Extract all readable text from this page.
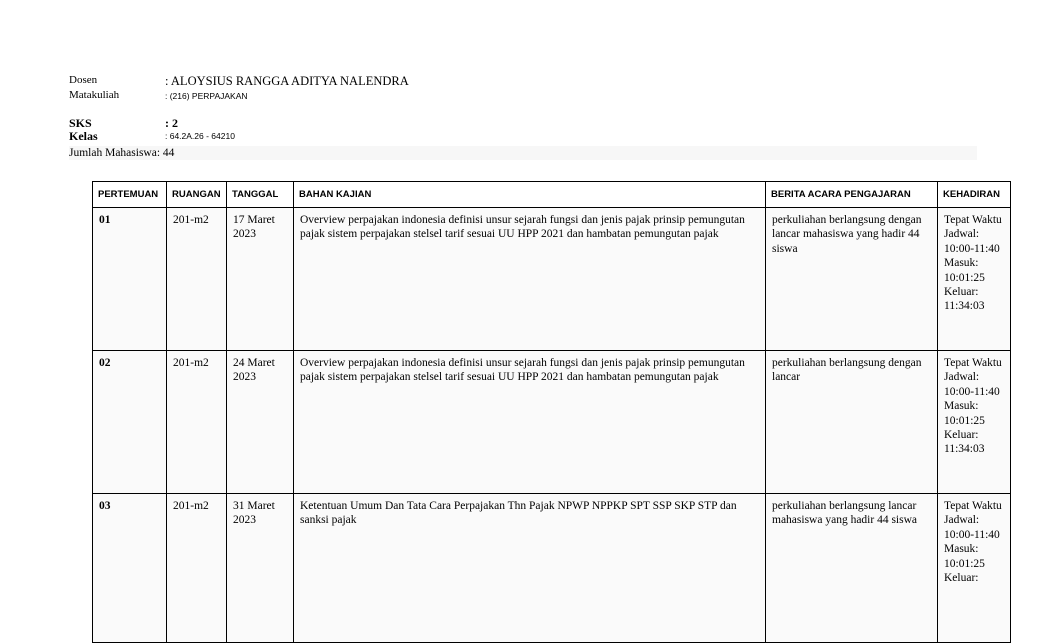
Dosen	: ALOYSIUS RANGGA ADITYA NALENDRA
Matakuliah	: (216) PERPAJAKAN
SKS	: 2
Kelas	: 64.2A.26 - 64210
Jumlah Mahasiswa: 44
PERTEMUAN	RUANGAN	TANGGAL	BAHAN KAJIAN	BERITA ACARA PENGAJARAN	KEHADIRAN
01	201-m2	17 Maret 2023	Overview perpajakan indonesia definisi unsur sejarah fungsi dan jenis pajak prinsip pemungutan pajak sistem perpajakan stelsel tarif sesuai UU HPP 2021 dan hambatan pemungutan pajak	perkuliahan berlangsung dengan lancar mahasiswa yang hadir 44 siswa	Tepat Waktu Jadwal: 10:00-11:40 Masuk: 10:01:25 Keluar: 11:34:03
02	201-m2	24 Maret 2023	Overview perpajakan indonesia definisi unsur sejarah fungsi dan jenis pajak prinsip pemungutan pajak sistem perpajakan stelsel tarif sesuai UU HPP 2021 dan hambatan pemungutan pajak	perkuliahan berlangsung dengan lancar	Tepat Waktu Jadwal: 10:00-11:40 Masuk: 10:01:25 Keluar: 11:34:03
03	201-m2	31 Maret 2023	Ketentuan Umum Dan Tata Cara Perpajakan Thn Pajak NPWP NPPKP SPT SSP SKP STP dan sanksi pajak	perkuliahan berlangsung lancar mahasiswa yang hadir 44 siswa	Tepat Waktu Jadwal: 10:00-11:40 Masuk: 10:01:25 Keluar:
